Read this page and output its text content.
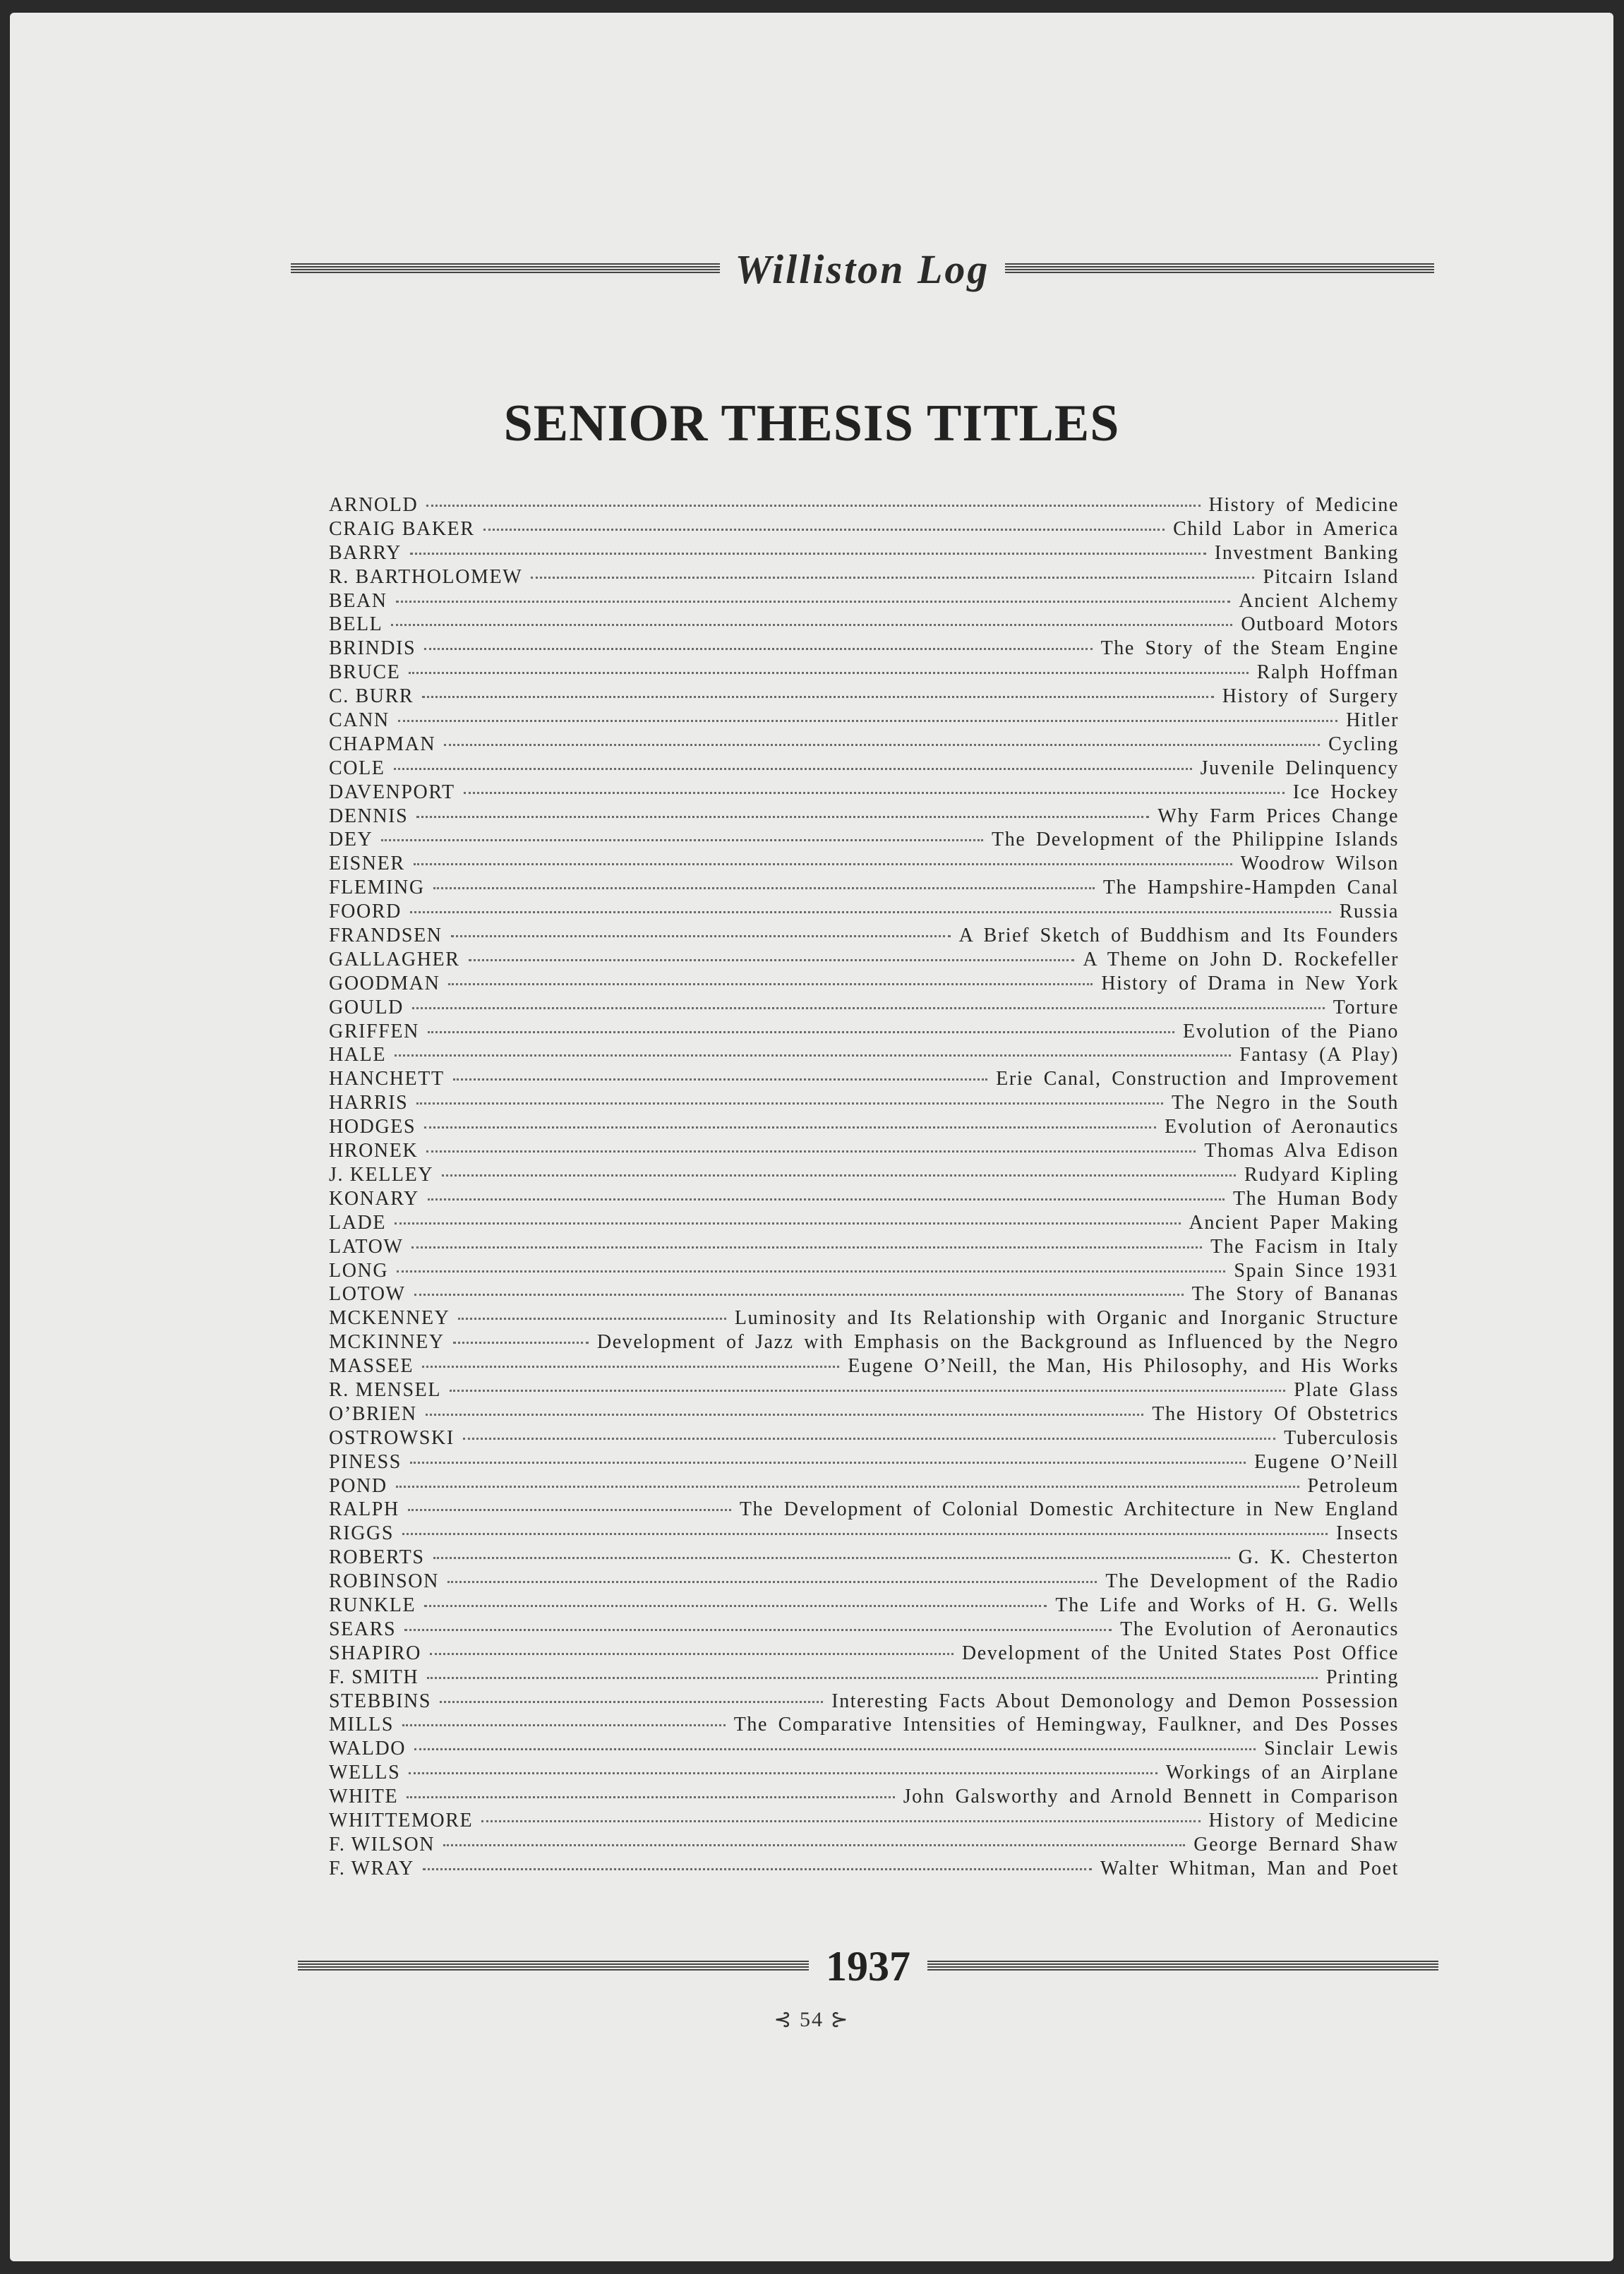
Williston Log
SENIOR THESIS TITLES
ARNOLD	History of Medicine
CRAIG BAKER	Child Labor in America
BARRY	Investment Banking
R. BARTHOLOMEW	Pitcairn Island
BEAN	Ancient Alchemy
BELL	Outboard Motors
BRINDIS	The Story of the Steam Engine
BRUCE	Ralph Hoffman
C. BURR	History of Surgery
CANN	Hitler
CHAPMAN	Cycling
COLE	Juvenile Delinquency
DAVENPORT	Ice Hockey
DENNIS	Why Farm Prices Change
DEY	The Development of the Philippine Islands
EISNER	Woodrow Wilson
FLEMING	The Hampshire-Hampden Canal
FOORD	Russia
FRANDSEN	A Brief Sketch of Buddhism and Its Founders
GALLAGHER	A Theme on John D. Rockefeller
GOODMAN	History of Drama in New York
GOULD	Torture
GRIFFEN	Evolution of the Piano
HALE	Fantasy (A Play)
HANCHETT	Erie Canal, Construction and Improvement
HARRIS	The Negro in the South
HODGES	Evolution of Aeronautics
HRONEK	Thomas Alva Edison
J. KELLEY	Rudyard Kipling
KONARY	The Human Body
LADE	Ancient Paper Making
LATOW	The Facism in Italy
LONG	Spain Since 1931
LOTOW	The Story of Bananas
MCKENNEY	Luminosity and Its Relationship with Organic and Inorganic Structure
MCKINNEY	Development of Jazz with Emphasis on the Background as Influenced by the Negro
MASSEE	Eugene O’Neill, the Man, His Philosophy, and His Works
R. MENSEL	Plate Glass
O’BRIEN	The History Of Obstetrics
OSTROWSKI	Tuberculosis
PINESS	Eugene O’Neill
POND	Petroleum
RALPH	The Development of Colonial Domestic Architecture in New England
RIGGS	Insects
ROBERTS	G. K. Chesterton
ROBINSON	The Development of the Radio
RUNKLE	The Life and Works of H. G. Wells
SEARS	The Evolution of Aeronautics
SHAPIRO	Development of the United States Post Office
F. SMITH	Printing
STEBBINS	Interesting Facts About Demonology and Demon Possession
MILLS	The Comparative Intensities of Hemingway, Faulkner, and Des Posses
WALDO	Sinclair Lewis
WELLS	Workings of an Airplane
WHITE	John Galsworthy and Arnold Bennett in Comparison
WHITTEMORE	History of Medicine
F. WILSON	George Bernard Shaw
F. WRAY	Walter Whitman, Man and Poet
1937
⊰ 54 ⊱
